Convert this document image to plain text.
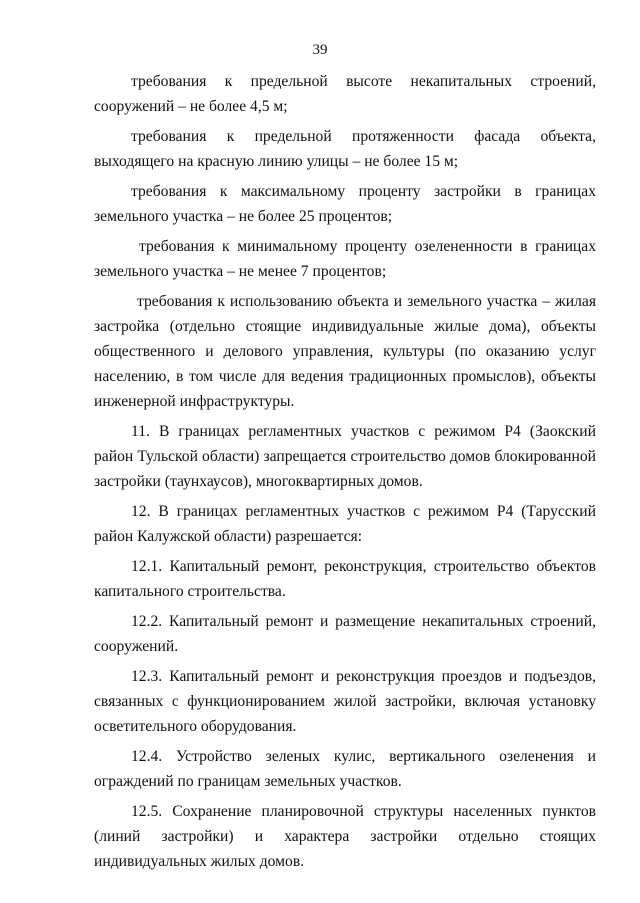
39

требования к предельной высоте некапитальных строений, сооружений – не более 4,5 м;

требования к предельной протяженности фасада объекта, выходящего на красную линию улицы – не более 15 м;

требования к максимальному проценту застройки в границах земельного участка – не более 25 процентов;

требования к минимальному проценту озелененности в границах земельного участка – не менее 7 процентов;

требования к использованию объекта и земельного участка – жилая застройка (отдельно стоящие индивидуальные жилые дома), объекты общественного и делового управления, культуры (по оказанию услуг населению, в том числе для ведения традиционных промыслов), объекты инженерной инфраструктуры.

11. В границах регламентных участков с режимом Р4 (Заокский район Тульской области) запрещается строительство домов блокированной застройки (таунхаусов), многоквартирных домов.

12. В границах регламентных участков с режимом Р4 (Тарусский район Калужской области) разрешается:

12.1. Капитальный ремонт, реконструкция, строительство объектов капитального строительства.

12.2. Капитальный ремонт и размещение некапитальных строений, сооружений.

12.3. Капитальный ремонт и реконструкция проездов и подъездов, связанных с функционированием жилой застройки, включая установку осветительного оборудования.

12.4. Устройство зеленых кулис, вертикального озеленения и ограждений по границам земельных участков.

12.5. Сохранение планировочной структуры населенных пунктов (линий застройки) и характера застройки отдельно стоящих индивидуальных жилых домов.
